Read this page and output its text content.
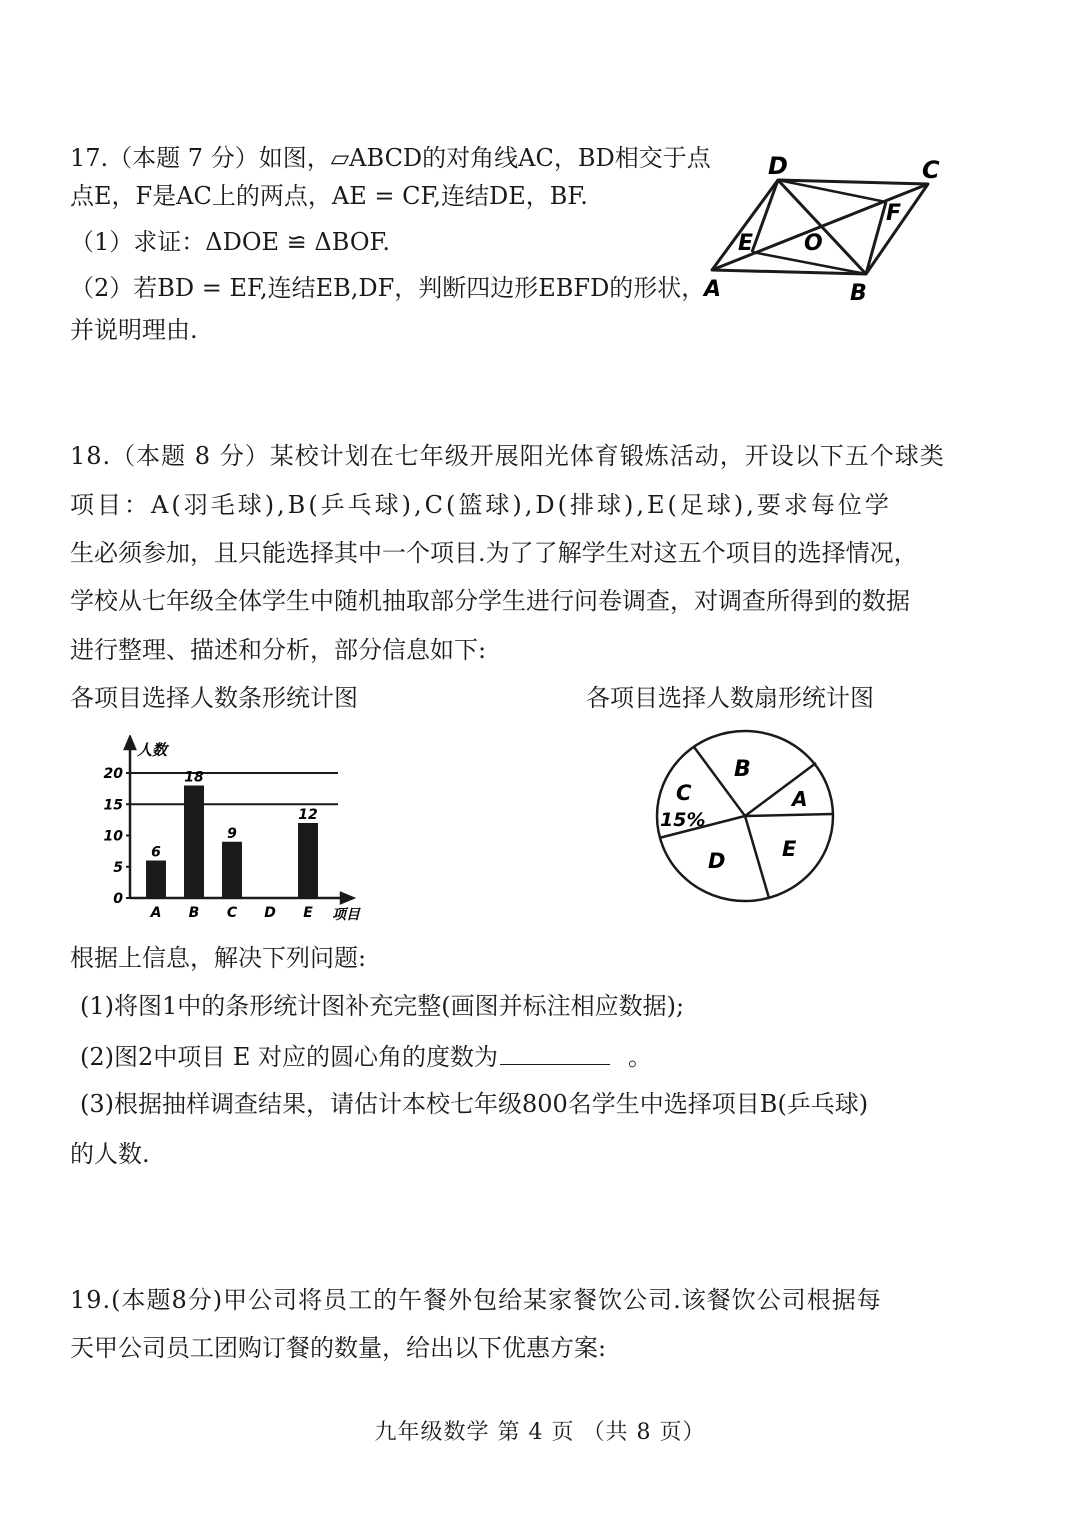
17.（本题 7 分）如图，▱ABCD的对角线AC，BD相交于点
点E，F是AC上的两点，AE = CF,连结DE，BF.
（1）求证：ΔDOE ≌ ΔBOF.
（2）若BD = EF,连结EB,DF，判断四边形EBFD的形状，
并说明理由.
D	C
F
E O
A	B
18.（本题 8 分）某校计划在七年级开展阳光体育锻炼活动，开设以下五个球类
项目：A(羽毛球),B(乒乓球),C(篮球),D(排球),E(足球),要求每位学
生必须参加，且只能选择其中一个项目.为了了解学生对这五个项目的选择情况，
学校从七年级全体学生中随机抽取部分学生进行问卷调查，对调查所得到的数据
进行整理、描述和分析，部分信息如下:
各项目选择人数条形统计图	各项目选择人数扇形统计图
0
5
10
15
20
6
18
9
12
A B C D E
人数
项目
B
A
E
D
C
15%
根据上信息，解决下列问题:
(1)将图1中的条形统计图补充完整(画图并标注相应数据);
(2)图2中项目 E 对应的圆心角的度数为	。
(3)根据抽样调查结果，请估计本校七年级800名学生中选择项目B(乒乓球)
的人数.
19.(本题8分)甲公司将员工的午餐外包给某家餐饮公司.该餐饮公司根据每
天甲公司员工团购订餐的数量，给出以下优惠方案:
九年级数学 第 4 页 （共 8 页）
